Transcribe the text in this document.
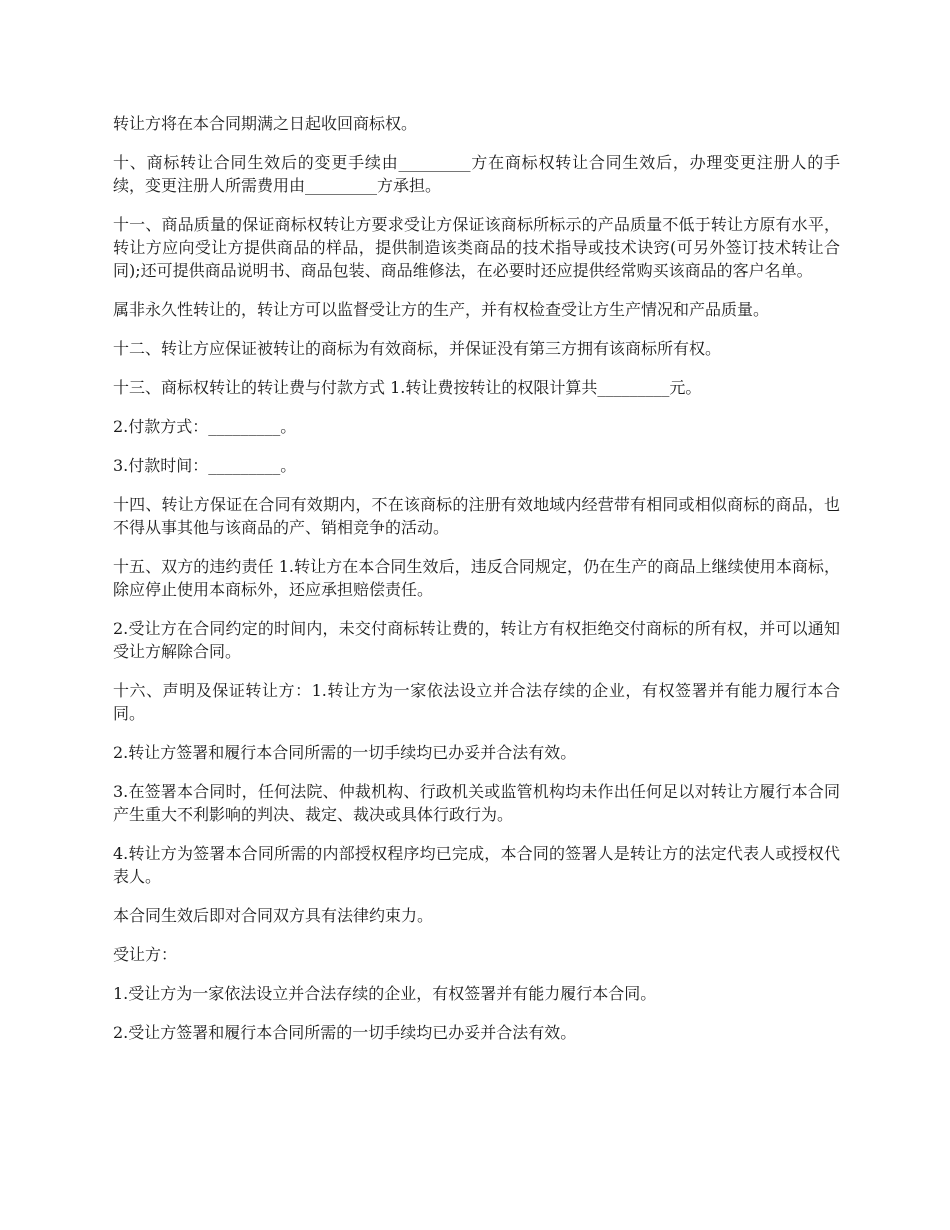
转让方将在本合同期满之日起收回商标权。

十、商标转让合同生效后的变更手续由_________方在商标权转让合同生效后，办理变更注册人的手续，变更注册人所需费用由_________方承担。

十一、商品质量的保证商标权转让方要求受让方保证该商标所标示的产品质量不低于转让方原有水平，转让方应向受让方提供商品的样品，提供制造该类商品的技术指导或技术诀窍(可另外签订技术转让合同);还可提供商品说明书、商品包装、商品维修法，在必要时还应提供经常购买该商品的客户名单。

属非永久性转让的，转让方可以监督受让方的生产，并有权检查受让方生产情况和产品质量。

十二、转让方应保证被转让的商标为有效商标，并保证没有第三方拥有该商标所有权。

十三、商标权转让的转让费与付款方式 1.转让费按转让的权限计算共_________元。

2.付款方式：_________。

3.付款时间：_________。

十四、转让方保证在合同有效期内，不在该商标的注册有效地域内经营带有相同或相似商标的商品，也不得从事其他与该商品的产、销相竞争的活动。

十五、双方的违约责任 1.转让方在本合同生效后，违反合同规定，仍在生产的商品上继续使用本商标，除应停止使用本商标外，还应承担赔偿责任。

2.受让方在合同约定的时间内，未交付商标转让费的，转让方有权拒绝交付商标的所有权，并可以通知受让方解除合同。

十六、声明及保证转让方：1.转让方为一家依法设立并合法存续的企业，有权签署并有能力履行本合同。

2.转让方签署和履行本合同所需的一切手续均已办妥并合法有效。

3.在签署本合同时，任何法院、仲裁机构、行政机关或监管机构均未作出任何足以对转让方履行本合同产生重大不利影响的判决、裁定、裁决或具体行政行为。

4.转让方为签署本合同所需的内部授权程序均已完成，本合同的签署人是转让方的法定代表人或授权代表人。

本合同生效后即对合同双方具有法律约束力。

受让方：

1.受让方为一家依法设立并合法存续的企业，有权签署并有能力履行本合同。

2.受让方签署和履行本合同所需的一切手续均已办妥并合法有效。
